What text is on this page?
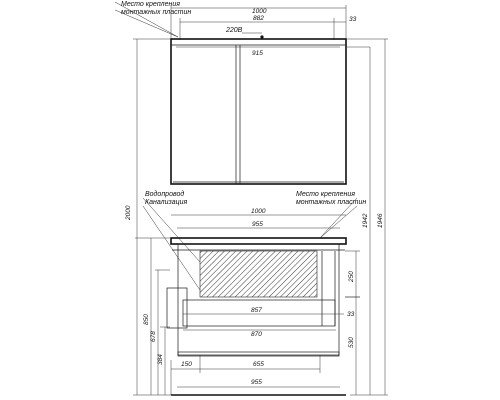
Место крепления
монтажных пластин	1000
882	33
915
220В
2000
1942 1946
Водопровод
Канализация
Место крепления
монтажных пластин
1000
955
250
857
33
870
530
850
678
384	150	655
955
